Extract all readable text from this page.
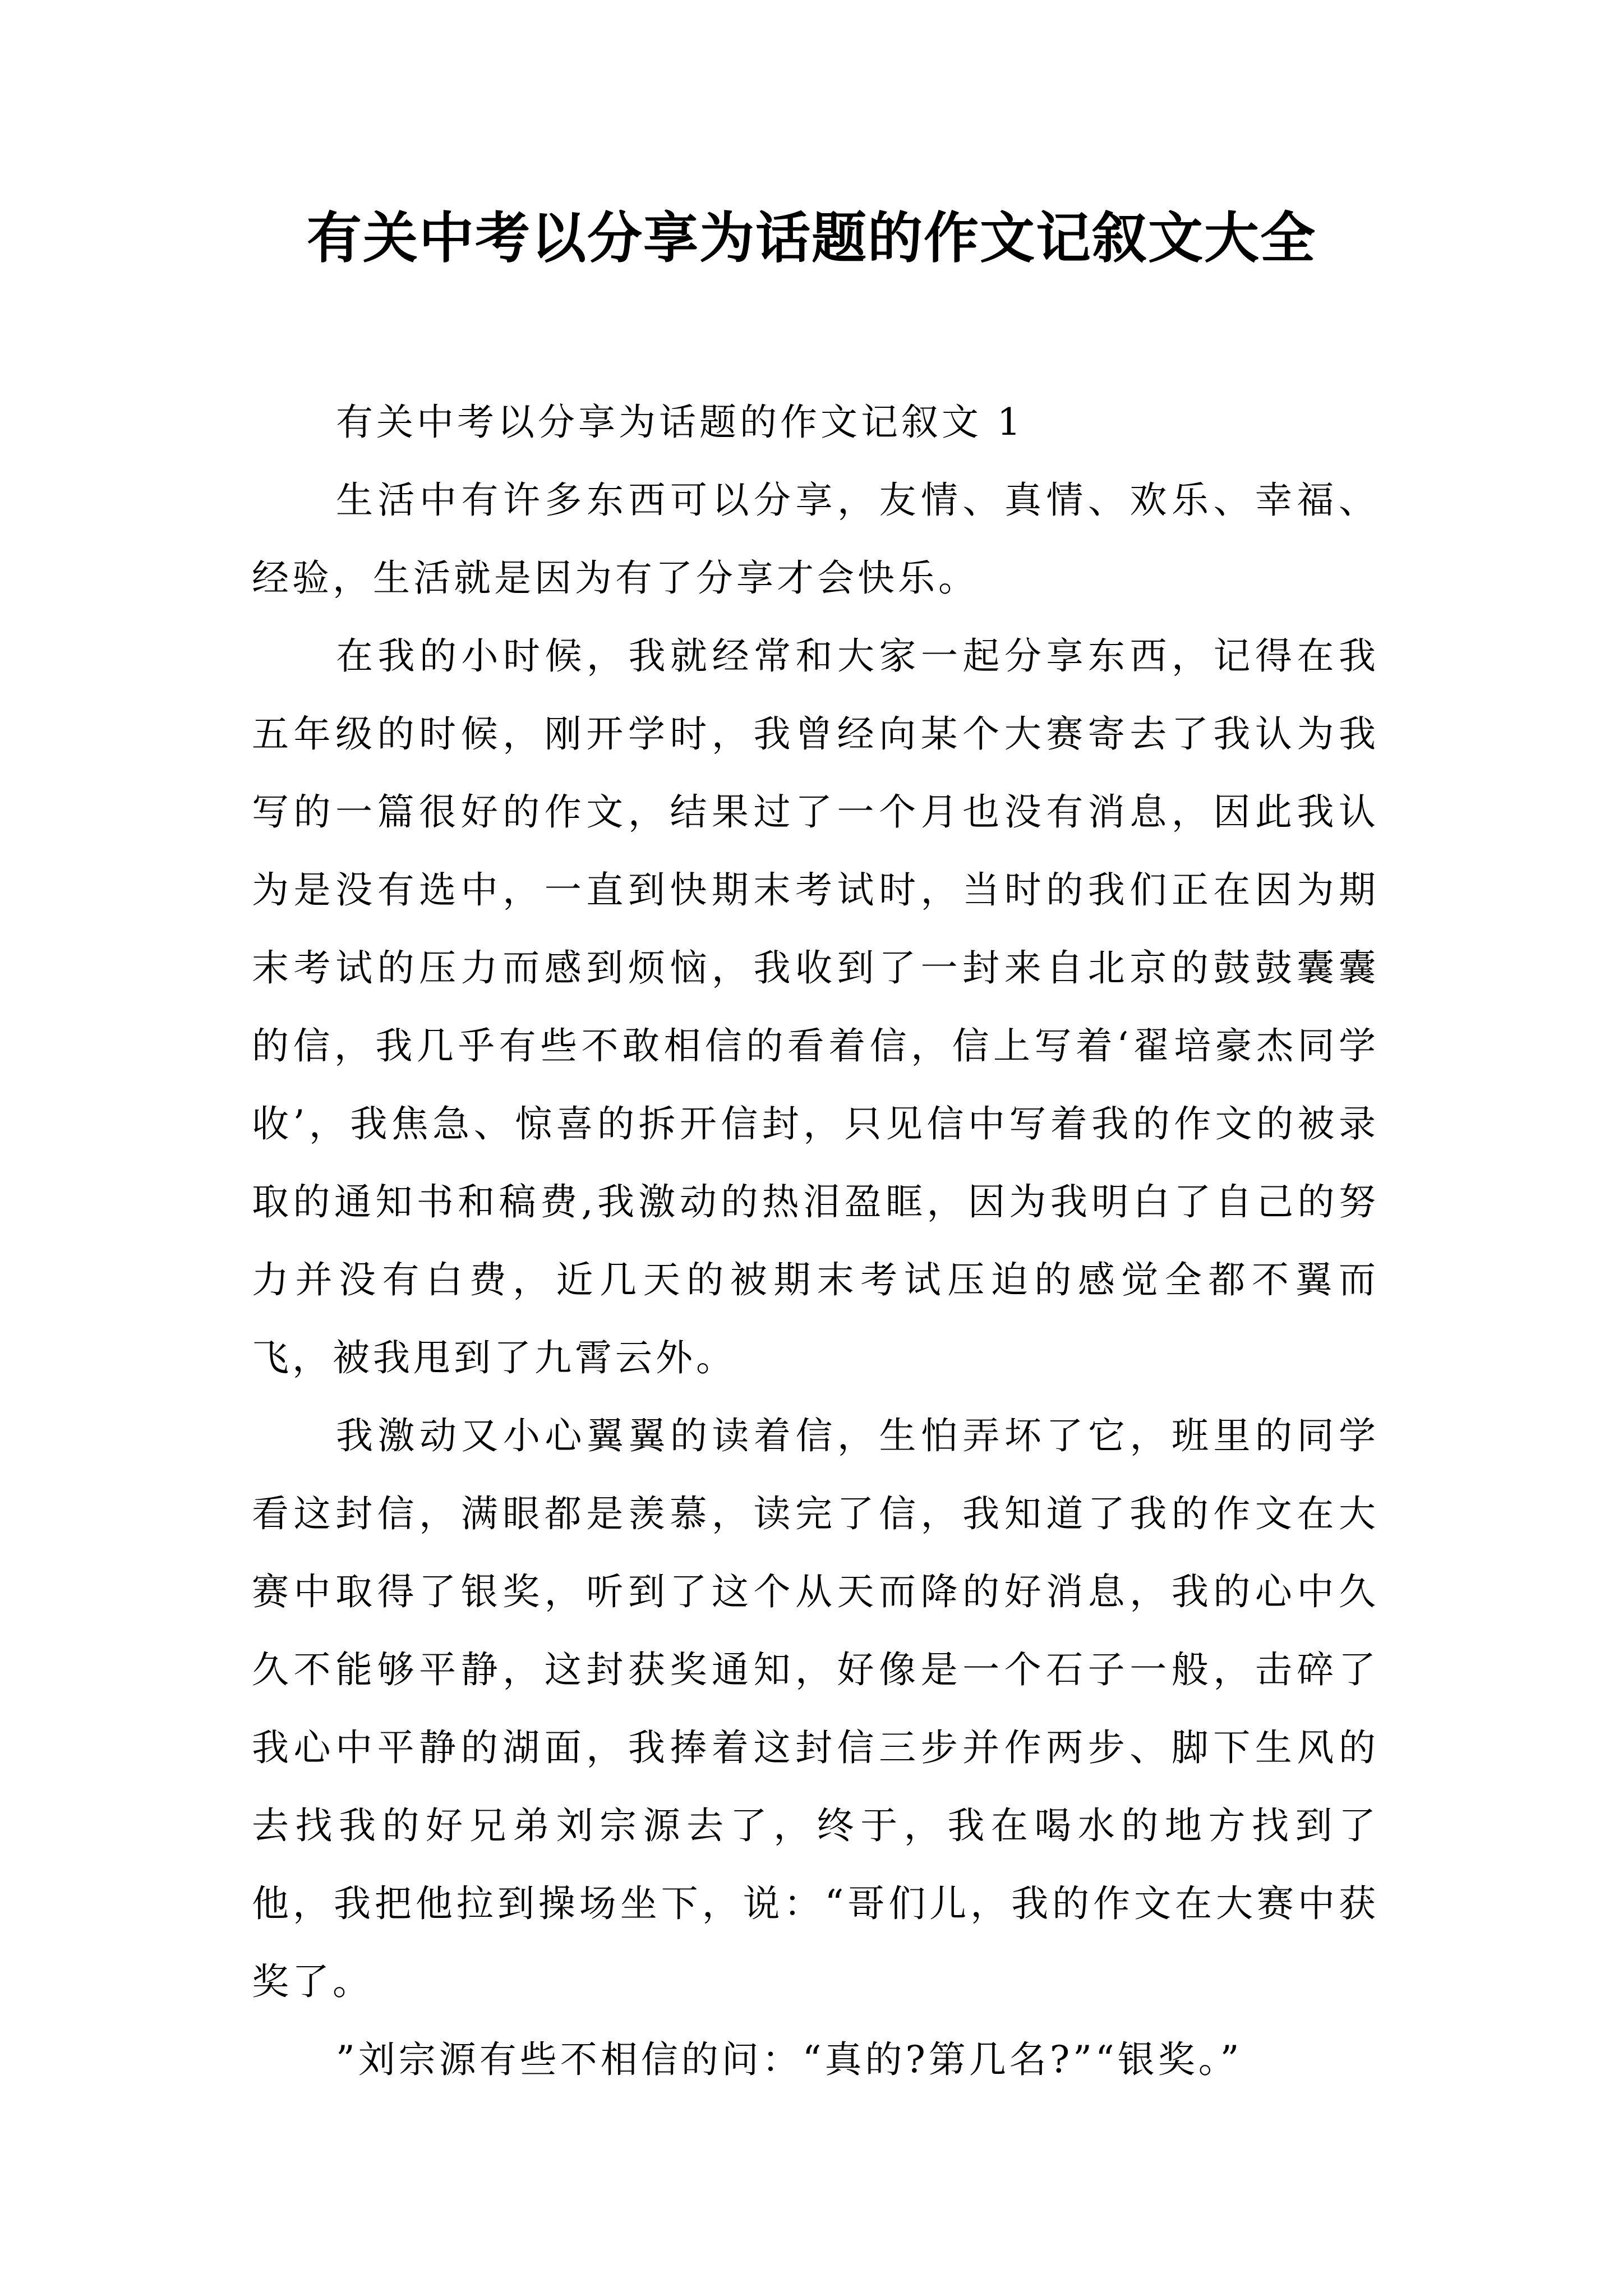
有关中考以分享为话题的作文记叙文大全

有关中考以分享为话题的作文记叙文 1

生活中有许多东西可以分享，友情、真情、欢乐、幸福、经验，生活就是因为有了分享才会快乐。

在我的小时候，我就经常和大家一起分享东西，记得在我五年级的时候，刚开学时，我曾经向某个大赛寄去了我认为我写的一篇很好的作文，结果过了一个月也没有消息，因此我认为是没有选中，一直到快期末考试时，当时的我们正在因为期末考试的压力而感到烦恼，我收到了一封来自北京的鼓鼓囊囊的信，我几乎有些不敢相信的看着信，信上写着‘翟培豪杰同学收’，我焦急、惊喜的拆开信封，只见信中写着我的作文的被录取的通知书和稿费,我激动的热泪盈眶，因为我明白了自己的努力并没有白费，近几天的被期末考试压迫的感觉全都不翼而飞，被我甩到了九霄云外。

我激动又小心翼翼的读着信，生怕弄坏了它，班里的同学看这封信，满眼都是羡慕，读完了信，我知道了我的作文在大赛中取得了银奖，听到了这个从天而降的好消息，我的心中久久不能够平静，这封获奖通知，好像是一个石子一般，击碎了我心中平静的湖面，我捧着这封信三步并作两步、脚下生风的去找我的好兄弟刘宗源去了，终于，我在喝水的地方找到了他，我把他拉到操场坐下，说：“哥们儿，我的作文在大赛中获奖了。

”刘宗源有些不相信的问：“真的?第几名?”“银奖。”
